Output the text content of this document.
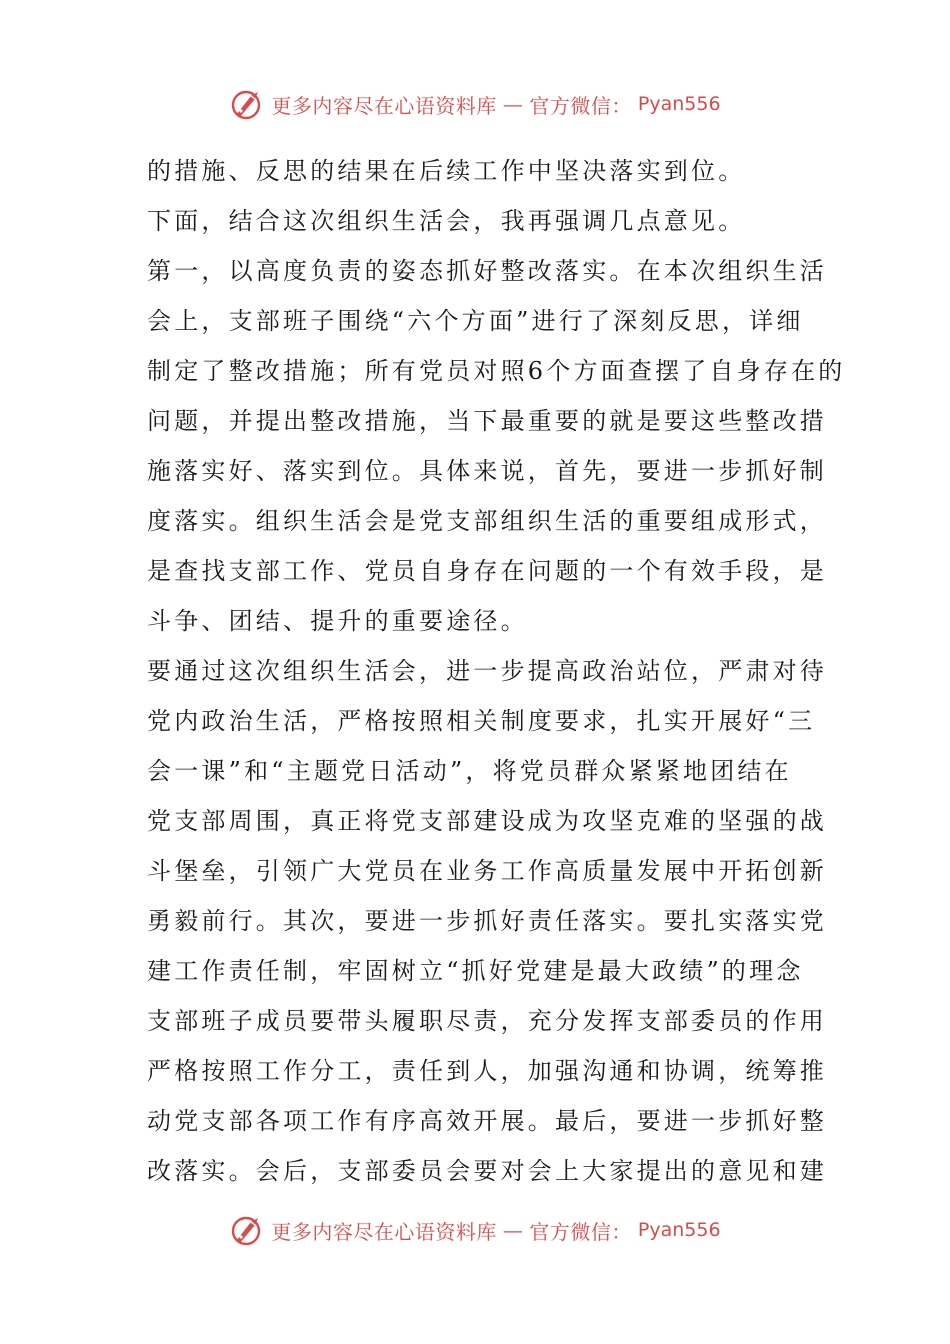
更多内容尽在心语资料库 — 官方微信： Pyan556
的措施、反思的结果在后续工作中坚决落实到位。
下面，结合这次组织生活会，我再强调几点意见。
第一，以高度负责的姿态抓好整改落实。在本次组织生活
会上，支部班子围绕“六个方面”进行了深刻反思，详细
制定了整改措施；所有党员对照6个方面查摆了自身存在的
问题，并提出整改措施，当下最重要的就是要这些整改措
施落实好、落实到位。具体来说，首先，要进一步抓好制
度落实。组织生活会是党支部组织生活的重要组成形式，
是查找支部工作、党员自身存在问题的一个有效手段，是
斗争、团结、提升的重要途径。
要通过这次组织生活会，进一步提高政治站位，严肃对待
党内政治生活，严格按照相关制度要求，扎实开展好“三
会一课”和“主题党日活动”，将党员群众紧紧地团结在
党支部周围，真正将党支部建设成为攻坚克难的坚强的战
斗堡垒，引领广大党员在业务工作高质量发展中开拓创新
勇毅前行。其次，要进一步抓好责任落实。要扎实落实党
建工作责任制，牢固树立“抓好党建是最大政绩”的理念
支部班子成员要带头履职尽责，充分发挥支部委员的作用
严格按照工作分工，责任到人，加强沟通和协调，统筹推
动党支部各项工作有序高效开展。最后，要进一步抓好整
改落实。会后，支部委员会要对会上大家提出的意见和建
更多内容尽在心语资料库 — 官方微信： Pyan556
